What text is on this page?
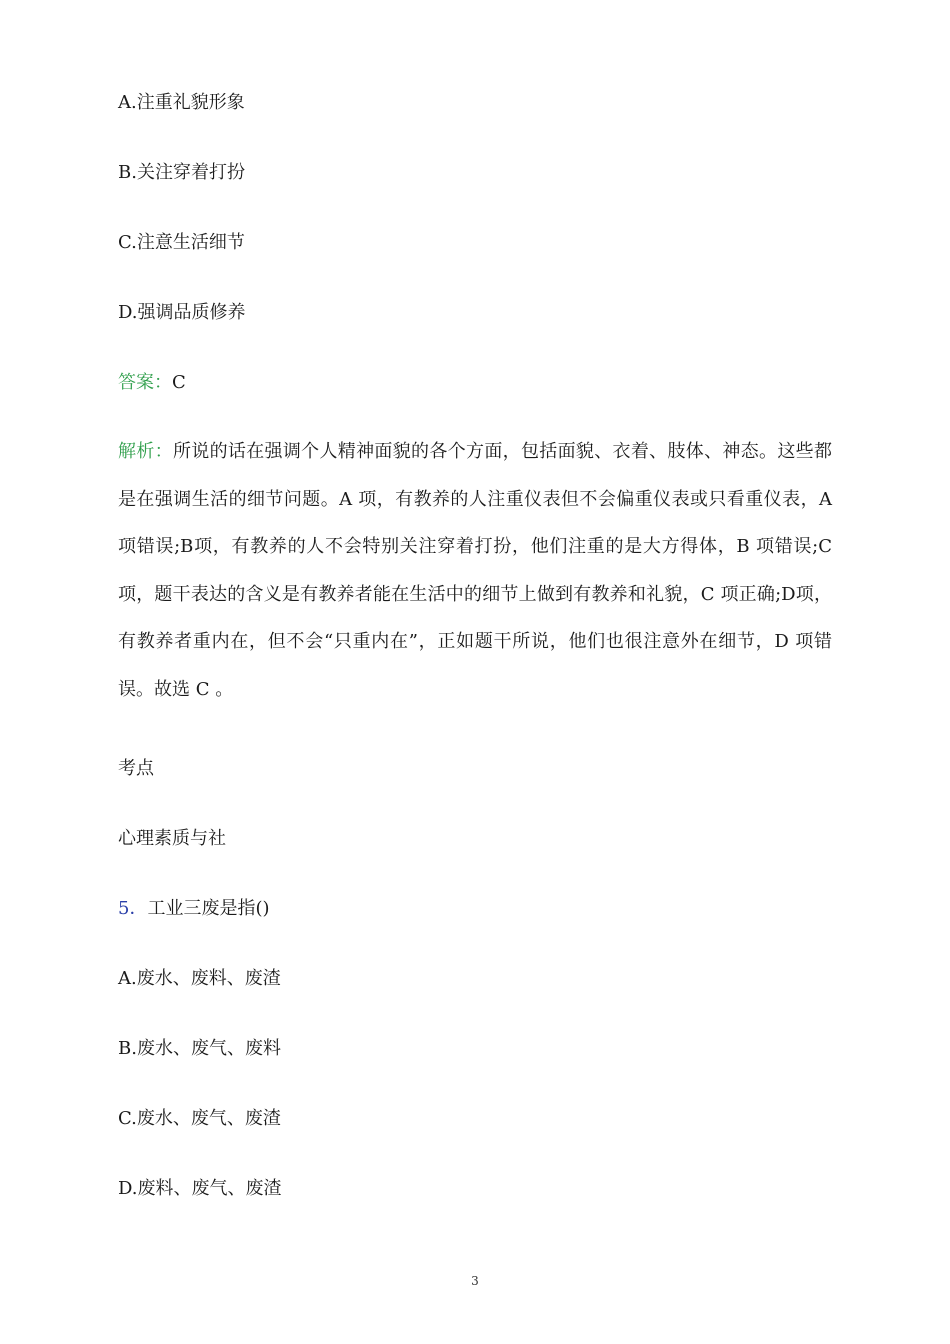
A.注重礼貌形象
B.关注穿着打扮
C.注意生活细节
D.强调品质修养
答案：C
解析：所说的话在强调个人精神面貌的各个方面，包括面貌、衣着、肢体、神态。这些都是在强调生活的细节问题。A 项，有教养的人注重仪表但不会偏重仪表或只看重仪表，A 项错误;B项，有教养的人不会特别关注穿着打扮，他们注重的是大方得体，B 项错误;C项，题干表达的含义是有教养者能在生活中的细节上做到有教养和礼貌，C 项正确;D项，有教养者重内在，但不会“只重内在”，正如题干所说，他们也很注意外在细节，D 项错误。故选 C 。
考点
心理素质与社
5．工业三废是指()
A.废水、废料、废渣
B.废水、废气、废料
C.废水、废气、废渣
D.废料、废气、废渣
3
